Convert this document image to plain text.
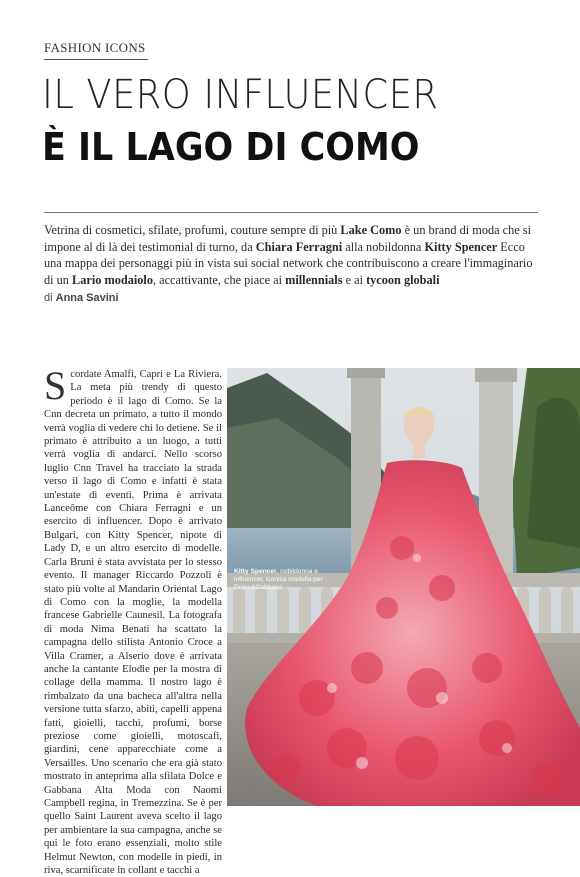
FASHION ICONS
IL VERO INFLUENCER
È IL LAGO DI COMO
Vetrina di cosmetici, sfilate, profumi, couture sempre di più Lake Como è un brand di moda che si impone al di là dei testimonial di turno, da Chiara Ferragni alla nobildonna Kitty Spencer Ecco una mappa dei personaggi più in vista sui social network che contribuiscono a creare l'immaginario di un Lario modaiolo, accattivante, che piace ai millennials e ai tycoon globali
di Anna Savini
Scordate Amalfi, Capri e La Riviera. La meta più trendy di questo periodo è il lago di Como. Se la Cnn decreta un primato, a tutto il mondo verrà voglia di vedere chi lo detiene. Se il primato è attribuito a un luogo, a tutti verrà voglia di andarci. Nello scorso luglio Cnn Travel ha tracciato la strada verso il lago di Como e infatti è stata un'estate di eventi. Prima è arrivata Lanceôme con Chiara Ferragni e un esercito di influencer. Dopo è arrivato Bulgari, con Kitty Spencer, nipote di Lady D, e un altro esercito di modelle. Carla Bruni è stata avvistata per lo stesso evento. Il manager Riccardo Pozzoli è stato più volte al Mandarin Oriental Lago di Como con la moglie, la modella francese Gabrielle Caunesil. La fotografa di moda Nima Benati ha scattato la campagna dello stilista Antonio Croce a Villa Cramer, a Alserio dove è arrivata anche la cantante Elodie per la mostra di collage della mamma. Il nostro lago è rimbalzato da una bacheca all'altra nella versione tutta sfarzo, abiti, capelli appena fatti, gioielli, tacchi, profumi, borse preziose come gioielli, motoscafi, giardini, cene apparecchiate come a Versailles. Uno scenario che era già stato mostrato in anteprima alla sfilata Dolce e Gabbana Alta Moda con Naomi Campbell regina, in Tremezzina. Se è per quello Saint Laurent aveva scelto il lago per ambientare la sua campagna, anche se qui le foto erano essenziali, molto stile Helmut Newton, con modelle in piedi, in riva, scarnificate in collant e tacchi a
Kitty Spencer, nobildonna e influencer, iconica modella per Dolce&Gabbana
